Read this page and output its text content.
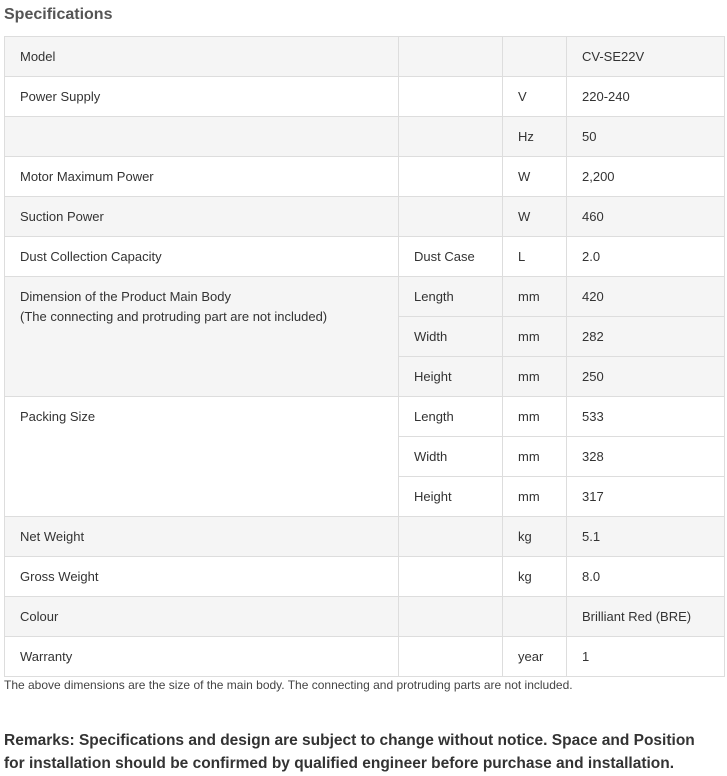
Specifications
Model			CV-SE22V
Power Supply		V	220-240
		Hz	50
Motor Maximum Power		W	2,200
Suction Power		W	460
Dust Collection Capacity	Dust Case	L	2.0

Dimension of the Product Main Body
(The connecting and protruding part are not included)	Length	mm	420
	Width	mm	282
	Height	mm	250
Packing Size	Length	mm	533
	Width	mm	328
	Height	mm	317
Net Weight		kg	5.1
Gross Weight		kg	8.0
Colour			Brilliant Red (BRE)
Warranty		year	1

The above dimensions are the size of the main body. The connecting and protruding parts are not included.

Remarks: Specifications and design are subject to change without notice. Space and Position for installation should be confirmed by qualified engineer before purchase and installation.
